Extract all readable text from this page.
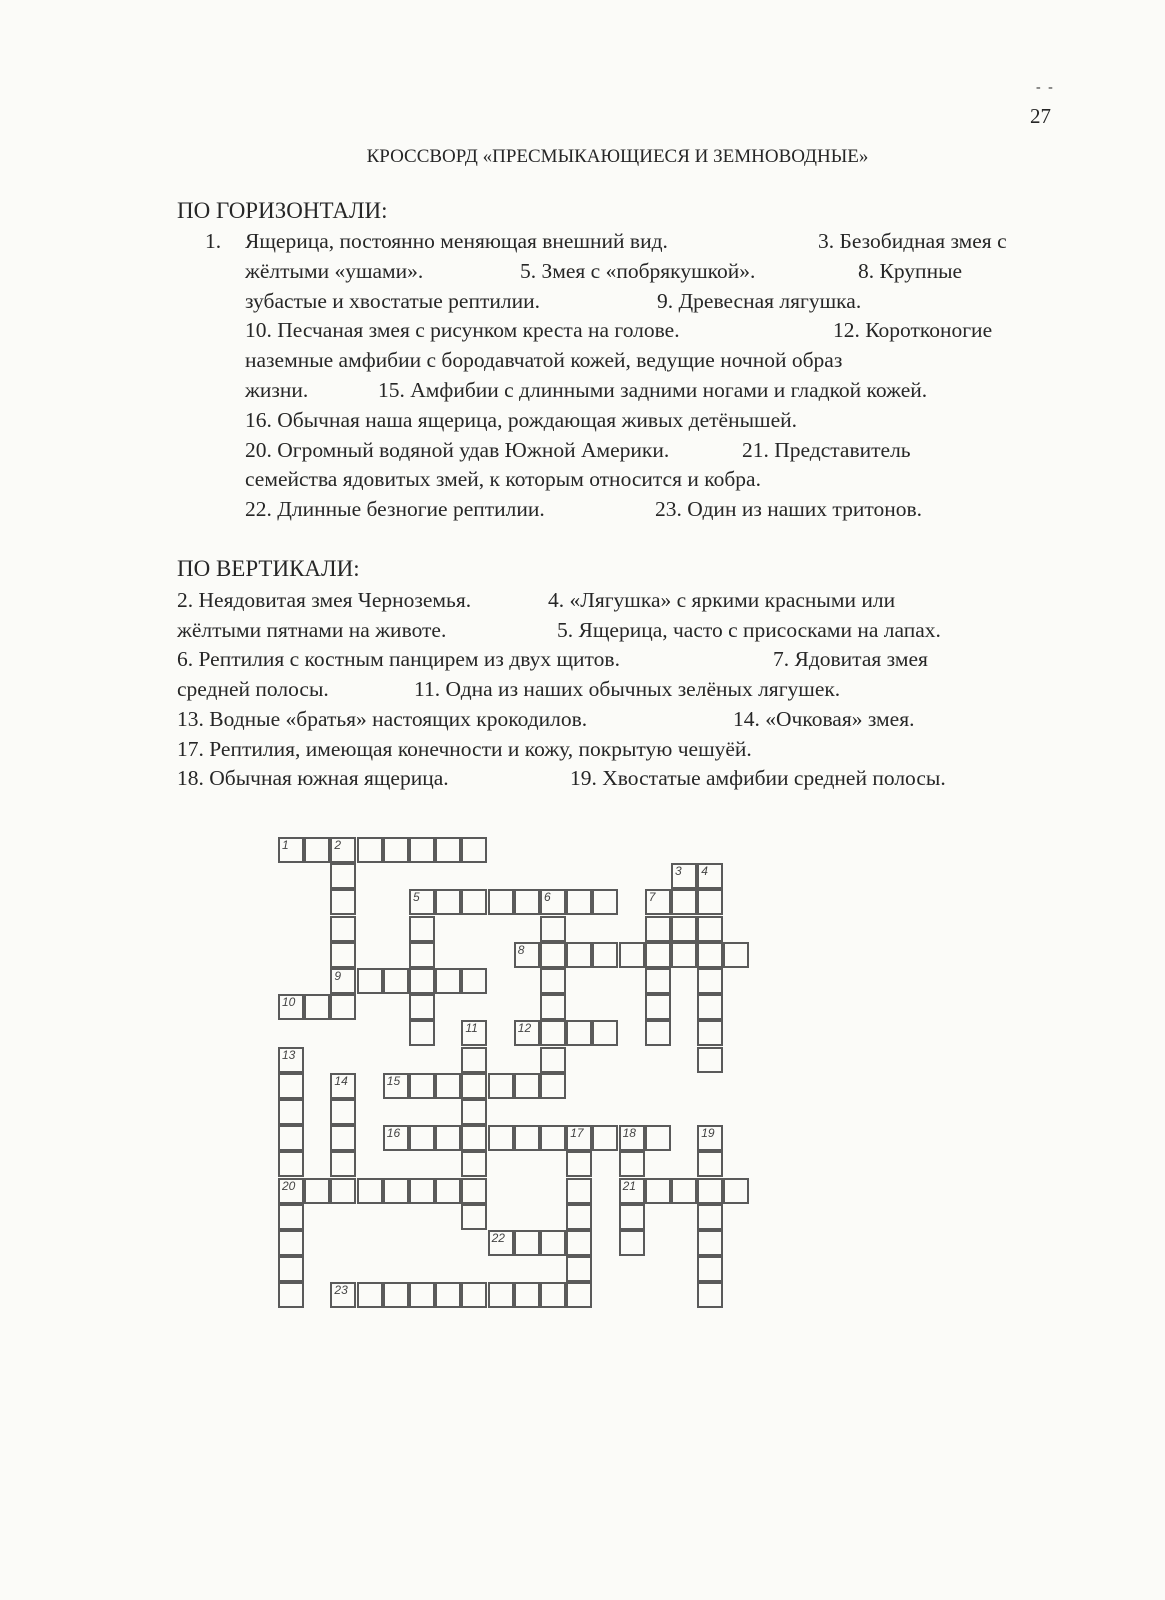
- -
27
КРОССВОРД «ПРЕСМЫКАЮЩИЕСЯ И ЗЕМНОВОДНЫЕ»
ПО ГОРИЗОНТАЛИ:
1. Ящерица, постоянно меняющая внешний вид.	3. Безобидная змея с
жёлтыми «ушами».	5. Змея с «побрякушкой».	8. Крупные
зубастые и хвостатые рептилии.	9. Древесная лягушка.
10. Песчаная змея с рисунком креста на голове.	12. Коротконогие
наземные амфибии с бородавчатой кожей, ведущие ночной образ
жизни.	15. Амфибии с длинными задними ногами и гладкой кожей.
16. Обычная наша ящерица, рождающая живых детёнышей.
20. Огромный водяной удав Южной Америки.	21. Представитель
семейства ядовитых змей, к которым относится и кобра.
22. Длинные безногие рептилии.	23. Один из наших тритонов.
ПО ВЕРТИКАЛИ:
2. Неядовитая змея Черноземья.	4. «Лягушка» с яркими красными или
жёлтыми пятнами на животе.	5. Ящерица, часто с присосками на лапах.
6. Рептилия с костным панцирем из двух щитов.	7. Ядовитая змея
средней полосы.	11. Одна из наших обычных зелёных лягушек.
13. Водные «братья» настоящих крокодилов.	14. «Очковая» змея.
17. Рептилия, имеющая конечности и кожу, покрытую чешуёй.
18. Обычная южная ящерица.	19. Хвостатые амфибии средней полосы.
1	2
9
3 4
5	6	7
8
10
11	12
13
20
14	15
16	17	18
21
19
22
23
